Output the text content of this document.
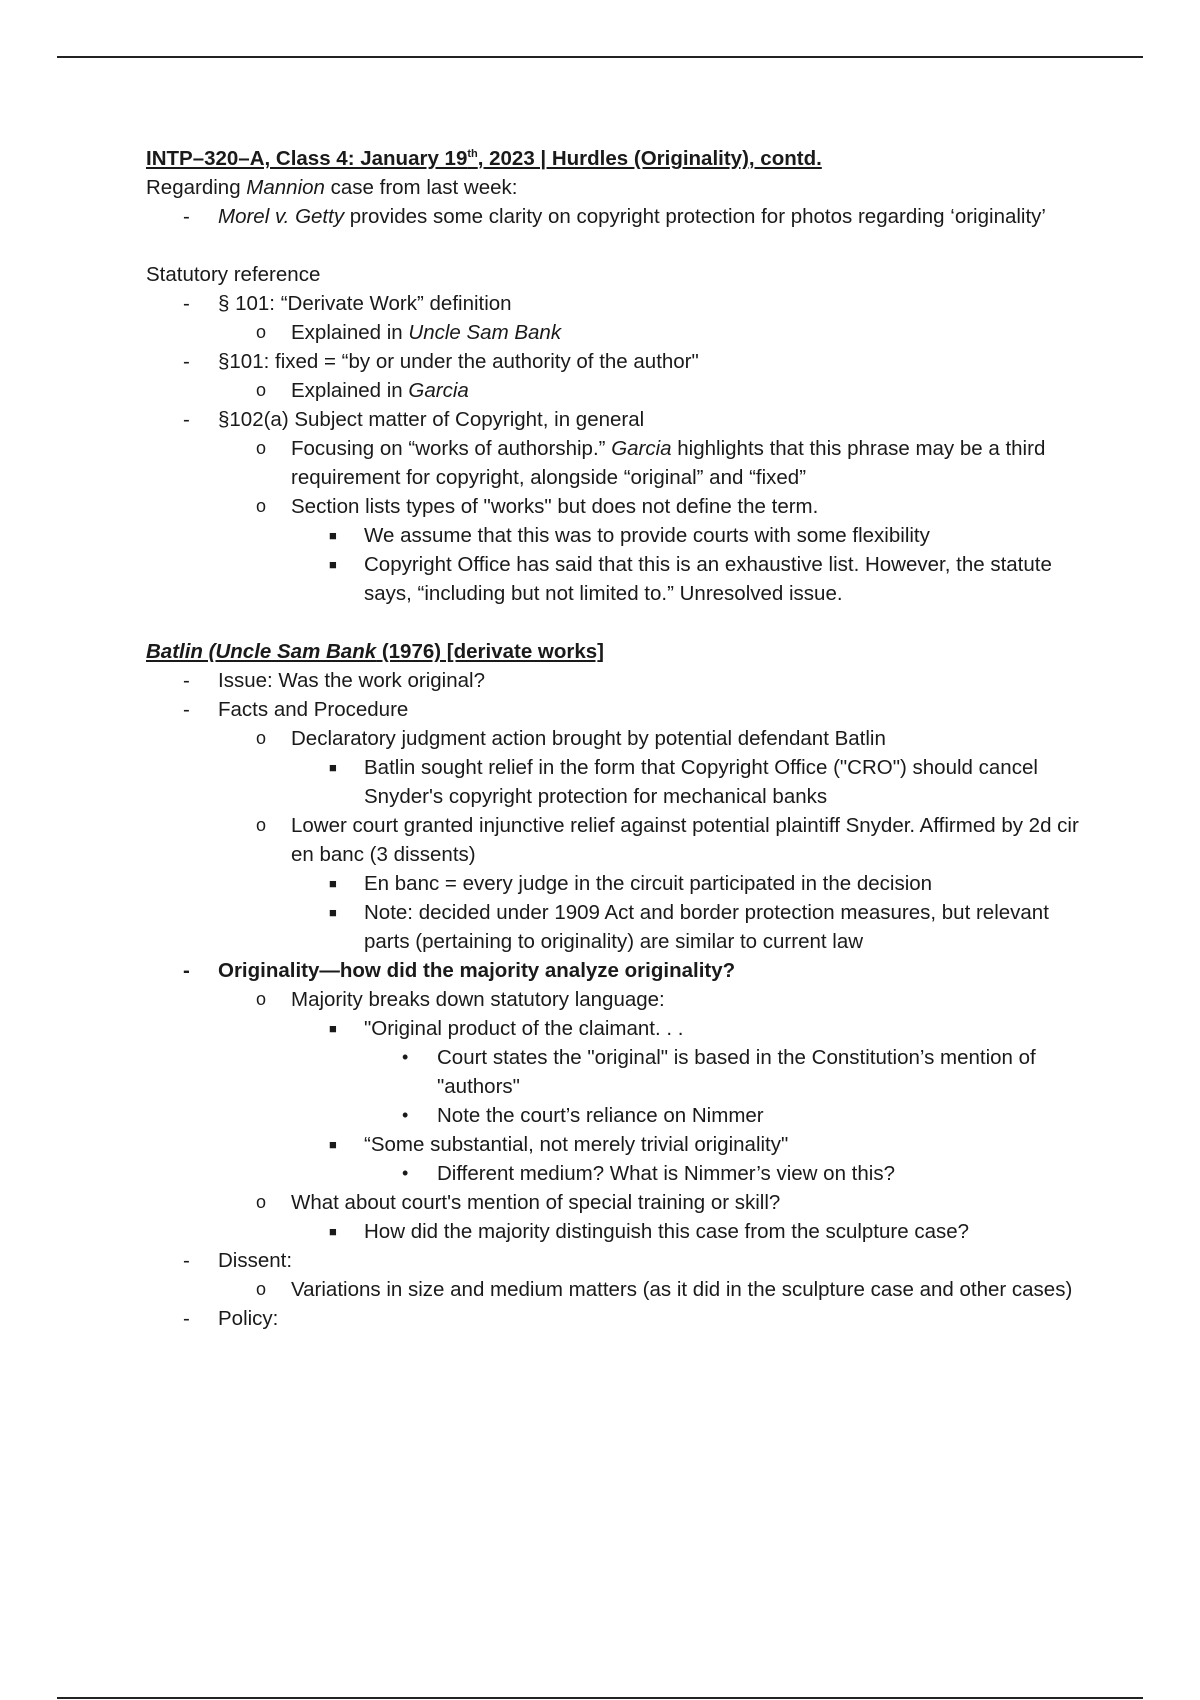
INTP–320–A, Class 4: January 19th, 2023 | Hurdles (Originality), contd.

Regarding Mannion case from last week:

- Morel v. Getty provides some clarity on copyright protection for photos regarding ‘originality’

Statutory reference

- § 101: “Derivate Work” definition
o Explained in Uncle Sam Bank
- §101: fixed = “by or under the authority of the author"
o Explained in Garcia
- §102(a) Subject matter of Copyright, in general
o Focusing on “works of authorship.” Garcia highlights that this phrase may be a third requirement for copyright, alongside “original” and “fixed”
o Section lists types of "works" but does not define the term.
■ We assume that this was to provide courts with some flexibility
■ Copyright Office has said that this is an exhaustive list. However, the statute says, “including but not limited to.” Unresolved issue.

Batlin (Uncle Sam Bank (1976) [derivate works]

- Issue: Was the work original?
- Facts and Procedure
o Declaratory judgment action brought by potential defendant Batlin
■ Batlin sought relief in the form that Copyright Office ("CRO") should cancel Snyder's copyright protection for mechanical banks
o Lower court granted injunctive relief against potential plaintiff Snyder. Affirmed by 2d cir en banc (3 dissents)
■ En banc = every judge in the circuit participated in the decision
■ Note: decided under 1909 Act and border protection measures, but relevant parts (pertaining to originality) are similar to current law
- Originality—how did the majority analyze originality?
o Majority breaks down statutory language:
■ "Original product of the claimant. . .
• Court states the "original" is based in the Constitution’s mention of "authors"
• Note the court’s reliance on Nimmer
■ “Some substantial, not merely trivial originality"
• Different medium? What is Nimmer’s view on this?
o What about court's mention of special training or skill?
■ How did the majority distinguish this case from the sculpture case?
- Dissent:
o Variations in size and medium matters (as it did in the sculpture case and other cases)
- Policy:
